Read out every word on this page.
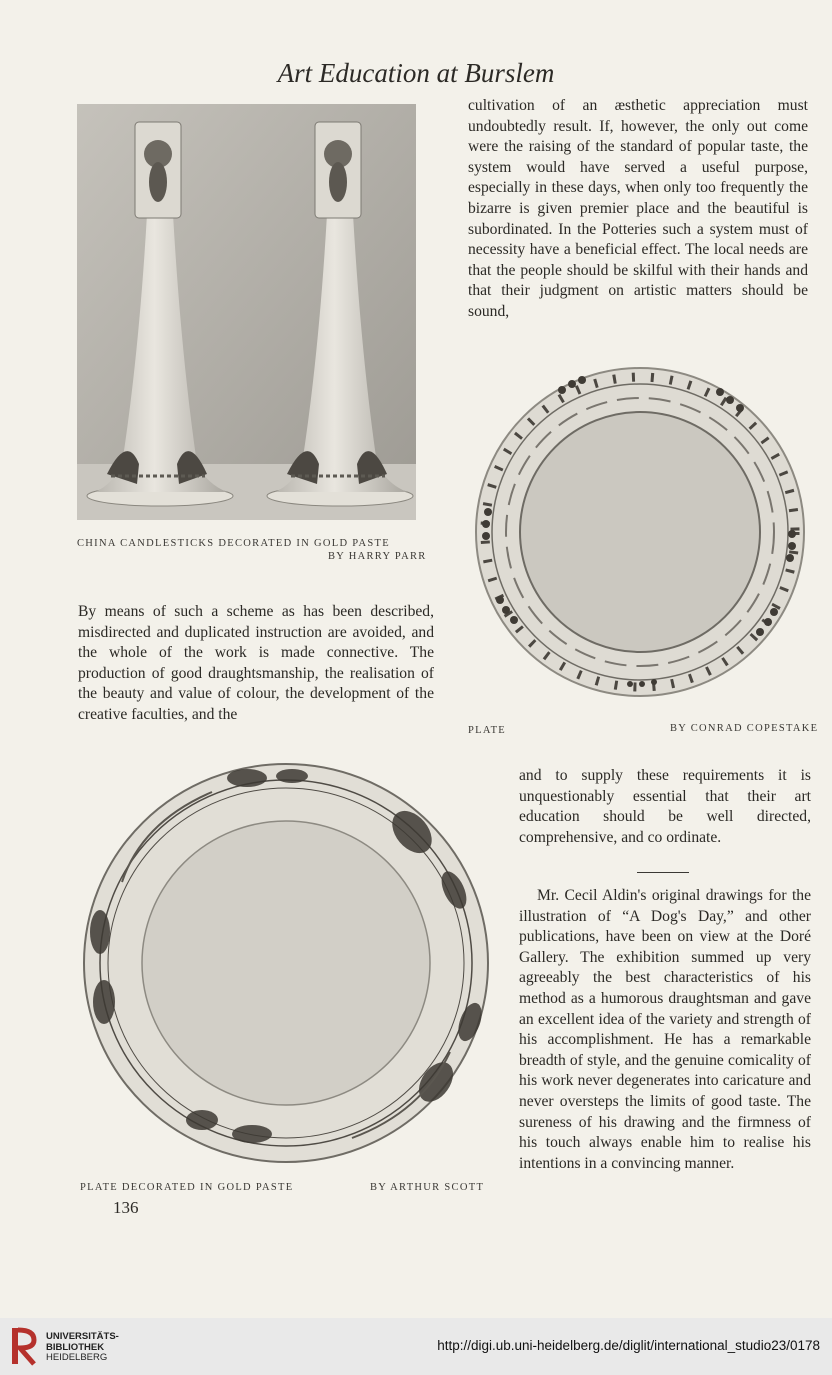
Art Education at Burslem
CHINA CANDLESTICKS DECORATED IN GOLD PASTE
BY HARRY PARR

cultivation of an æsthetic appreciation must undoubtedly result. If, however, the only out come were the raising of the standard of popular taste, the system would have served a useful purpose, especially in these days, when only too frequently the bizarre is given premier place and the beautiful is subordinated. In the Potteries such a system must of necessity have a beneficial effect. The local needs are that the people should be skilful with their hands and that their judgment on artistic matters should be sound,

PLATE	BY CONRAD COPESTAKE

By means of such a scheme as has been described, misdirected and duplicated instruction are avoided, and the whole of the work is made connective. The production of good draughtsmanship, the realisation of the beauty and value of colour, the development of the creative faculties, and the

and to supply these requirements it is unquestionably essential that their art education should be well directed, comprehensive, and co ordinate.

Mr. Cecil Aldin's original drawings for the illustration of “A Dog's Day,” and other publications, have been on view at the Doré Gallery. The exhibition summed up very agreeably the best characteristics of his method as a humorous draughtsman and gave an excellent idea of the variety and strength of his accomplishment. He has a remarkable breadth of style, and the genuine comicality of his work never degenerates into caricature and never oversteps the limits of good taste. The sureness of his drawing and the firmness of his touch always enable him to realise his intentions in a convincing manner.

PLATE DECORATED IN GOLD PASTE	BY ARTHUR SCOTT
136
UNIVERSITÄTS-
BIBLIOTHEK
HEIDELBERG
http://digi.ub.uni-heidelberg.de/diglit/international_studio23/0178
